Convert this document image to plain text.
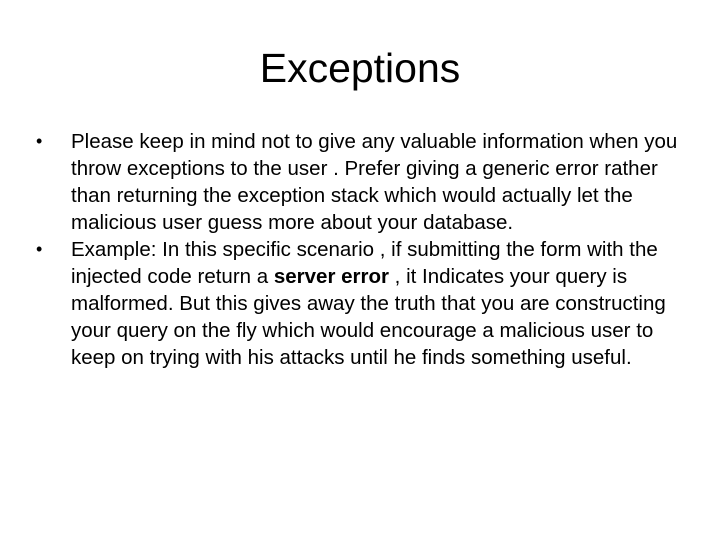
Exceptions
•	Please keep in mind not to give any valuable information when you throw exceptions to the user . Prefer giving a generic error rather than returning the exception stack which would actually let the malicious user guess more about your database.
•	Example: In this specific scenario , if submitting the form with the injected code return a server error , it Indicates your query is malformed. But this gives away the truth that you are constructing your query on the fly which would encourage a malicious user to keep on trying with his attacks until he finds something useful.
